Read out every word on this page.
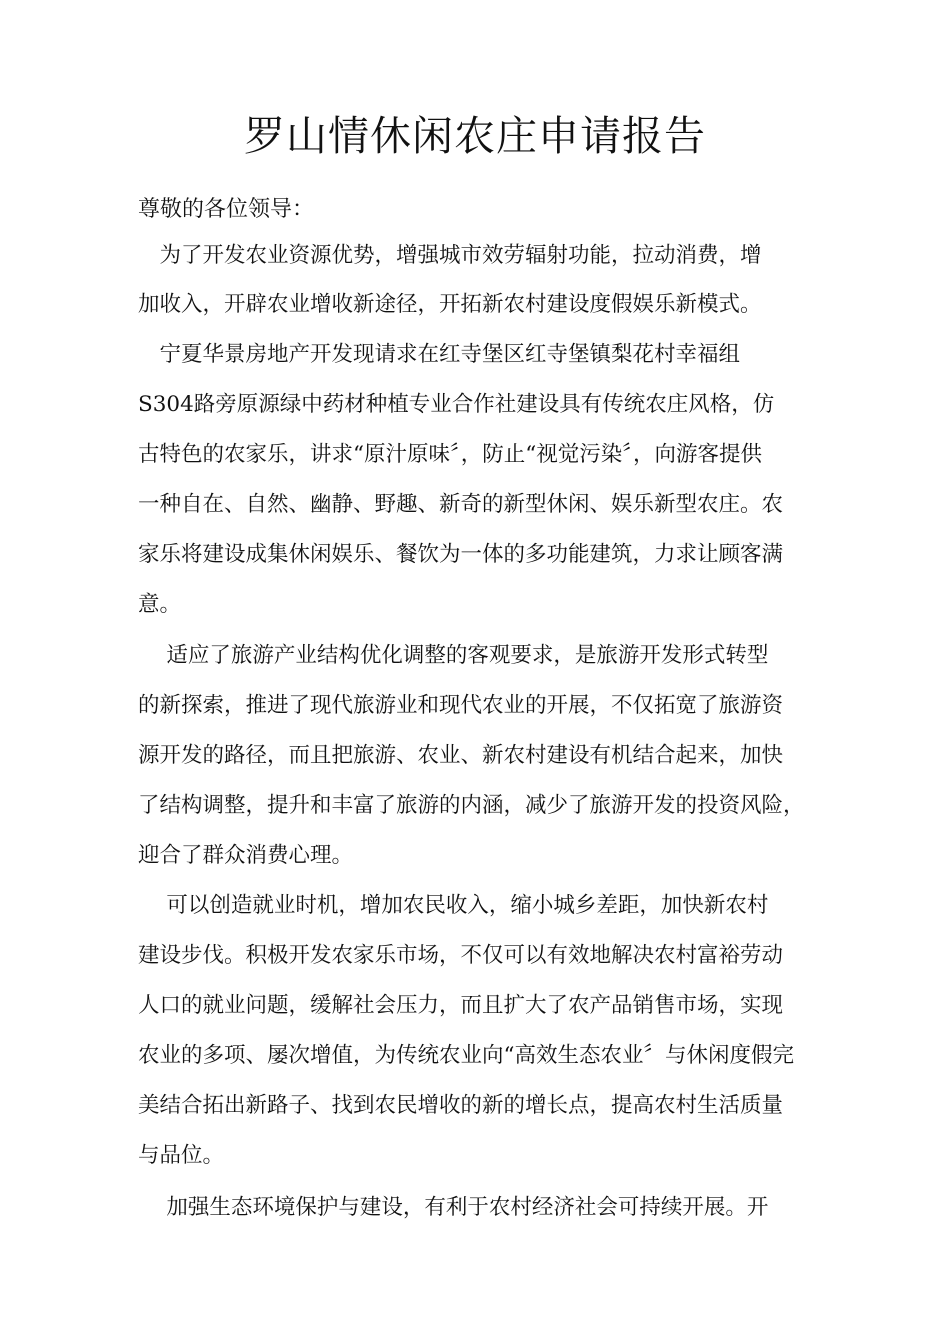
罗山情休闲农庄申请报告

尊敬的各位领导：

　为了开发农业资源优势，增强城市效劳辐射功能，拉动消费，增

加收入，开辟农业增收新途径，开拓新农村建设度假娱乐新模式。

　宁夏华景房地产开发现请求在红寺堡区红寺堡镇梨花村幸福组

S304路旁原源绿中药材种植专业合作社建设具有传统农庄风格，仿

古特色的农家乐，讲求“原汁原味〞，防止“视觉污染〞，向游客提供

一种自在、自然、幽静、野趣、新奇的新型休闲、娱乐新型农庄。农

家乐将建设成集休闲娱乐、餐饮为一体的多功能建筑，力求让顾客满

意。

　 适应了旅游产业结构优化调整的客观要求，是旅游开发形式转型

的新探索，推进了现代旅游业和现代农业的开展，不仅拓宽了旅游资

源开发的路径，而且把旅游、农业、新农村建设有机结合起来，加快

了结构调整，提升和丰富了旅游的内涵，减少了旅游开发的投资风险，

迎合了群众消费心理。

　 可以创造就业时机，增加农民收入，缩小城乡差距，加快新农村

建设步伐。积极开发农家乐市场，不仅可以有效地解决农村富裕劳动

人口的就业问题，缓解社会压力，而且扩大了农产品销售市场，实现

农业的多项、屡次增值，为传统农业向“高效生态农业〞与休闲度假完

美结合拓出新路子、找到农民增收的新的增长点，提高农村生活质量

与品位。

　 加强生态环境保护与建设，有利于农村经济社会可持续开展。开
